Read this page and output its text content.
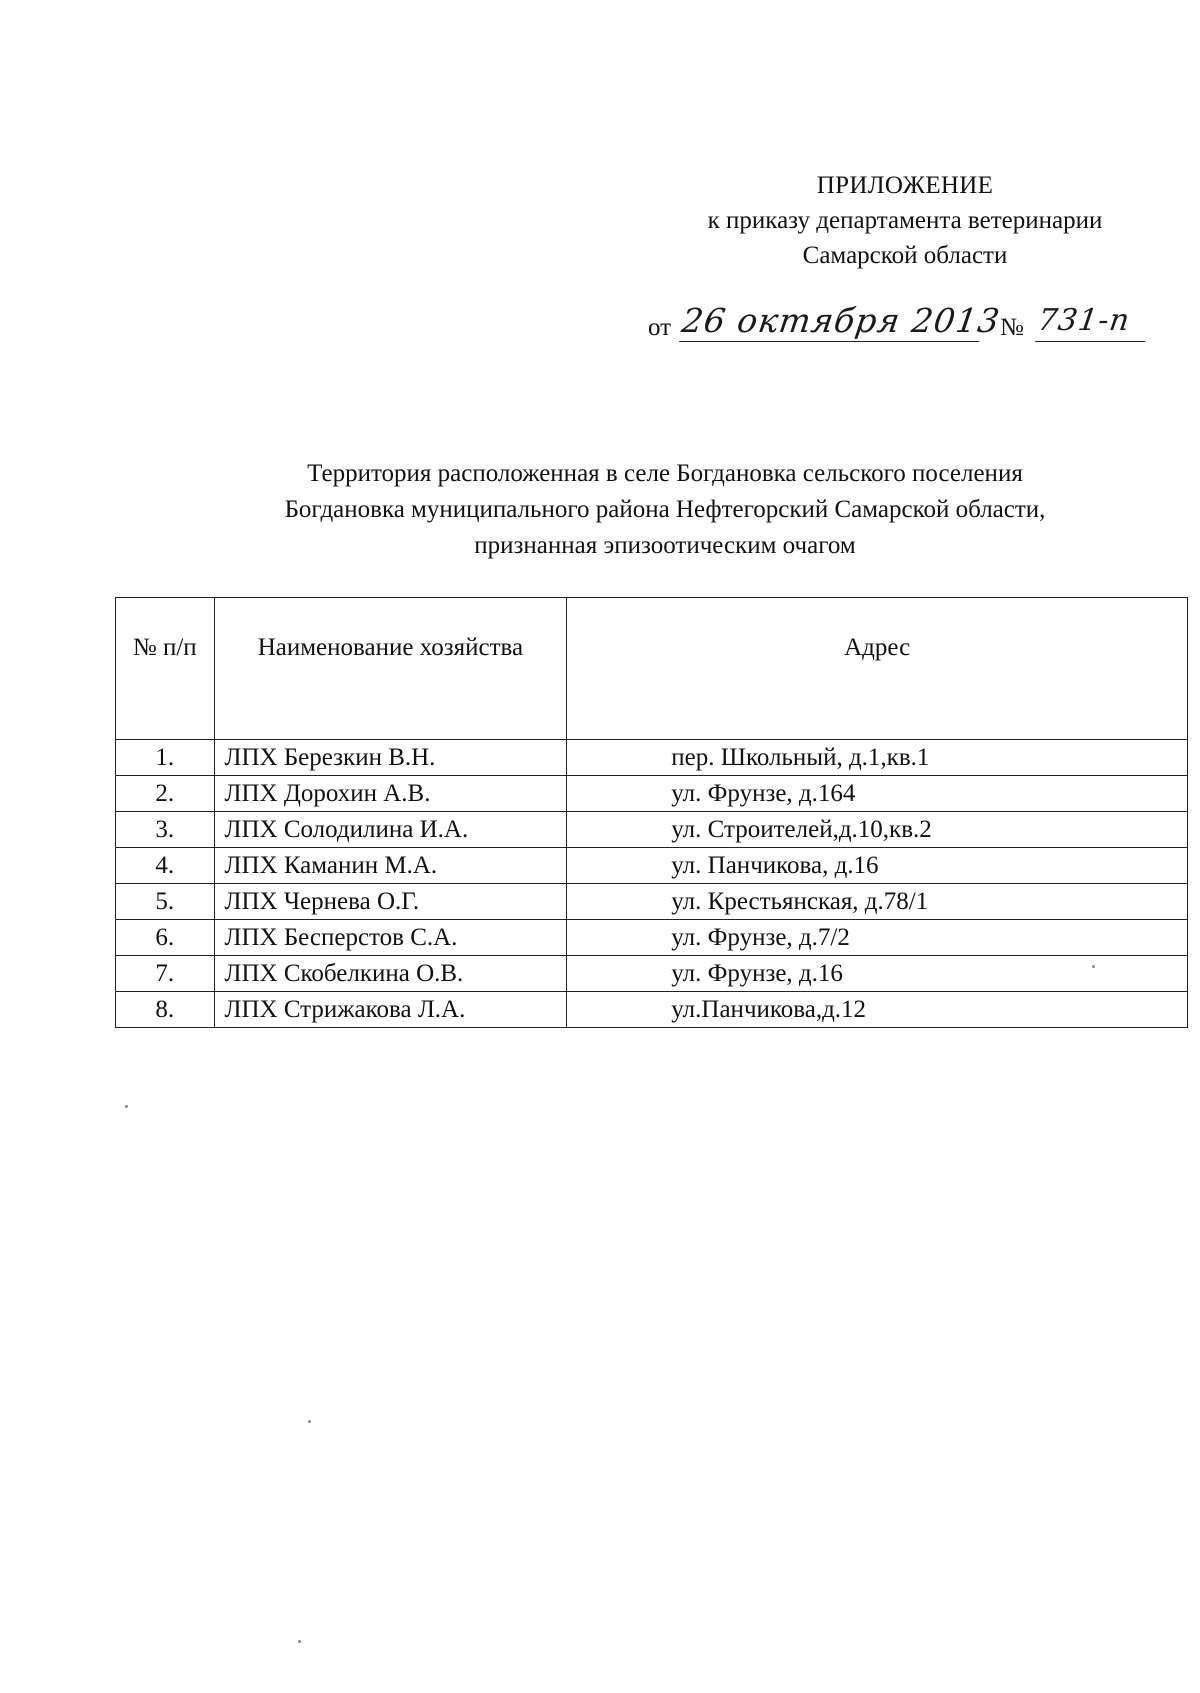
ПРИЛОЖЕНИЕ
к приказу департамента ветеринарии
Самарской области
от 26 октября 2013
№ 731-п
Территория расположенная в селе Богдановка сельского поселения
Богдановка муниципального района Нефтегорский Самарской области,
признанная эпизоотическим очагом
№ п/п	Наименование хозяйства	Адрес
1.	ЛПХ Березкин В.Н.	пер. Школьный, д.1,кв.1
2.	ЛПХ Дорохин А.В.	ул. Фрунзе, д.164
3.	ЛПХ Солодилина И.А.	ул. Строителей,д.10,кв.2
4.	ЛПХ Каманин М.А.	ул. Панчикова, д.16
5.	ЛПХ Чернева О.Г.	ул. Крестьянская, д.78/1
6.	ЛПХ Бесперстов С.А.	ул. Фрунзе, д.7/2
7.	ЛПХ Скобелкина О.В.	ул. Фрунзе, д.16
8.	ЛПХ Стрижакова Л.А.	ул.Панчикова,д.12
